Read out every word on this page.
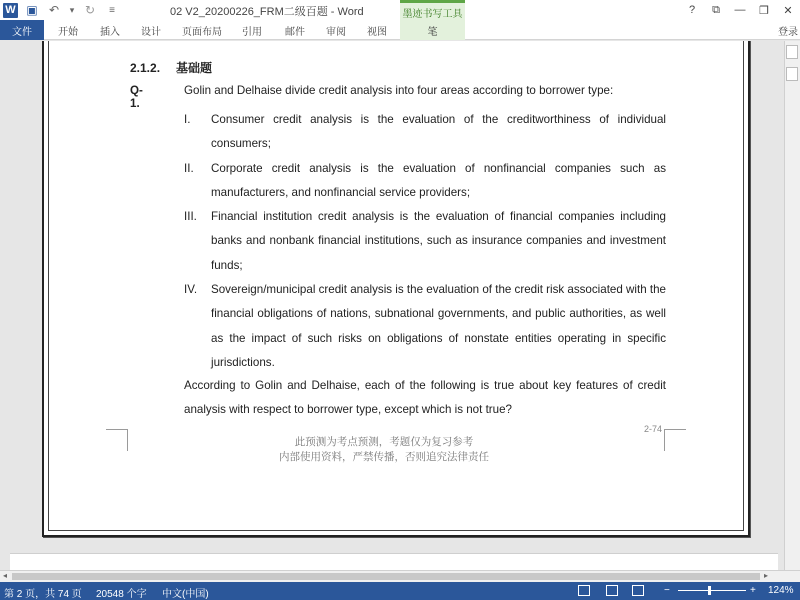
W ▣ ↶	▾ ↻	≡	02 V2_20200226_FRM二级百题 - Word	?	⧉	—	❐	✕
墨迹书写工具
文件	开始	插入	设计	页面布局	引用	邮件	审阅	视图	笔	登录
2.1.2. 基础题
Q-1.
Golin and Delhaise divide credit analysis into four areas according to borrower type:
I. Consumer credit analysis is the evaluation of the creditworthiness of individual consumers;
II. Corporate credit analysis is the evaluation of nonfinancial companies such as manufacturers, and nonfinancial service providers;
III. Financial institution credit analysis is the evaluation of financial companies including banks and nonbank financial institutions, such as insurance companies and investment funds;
IV. Sovereign/municipal credit analysis is the evaluation of the credit risk associated with the financial obligations of nations, subnational governments, and public authorities, as well as the impact of such risks on obligations of nonstate entities operating in specific jurisdictions.
According to Golin and Delhaise, each of the following is true about key features of credit analysis with respect to borrower type, except which is not true?
2-74
此预测为考点预测，考题仅为复习参考
内部使用资料，严禁传播，否则追究法律责任
◂	▸
第 2 页，共 74 页 20548 个字 中文(中国)	−	+ 124%
